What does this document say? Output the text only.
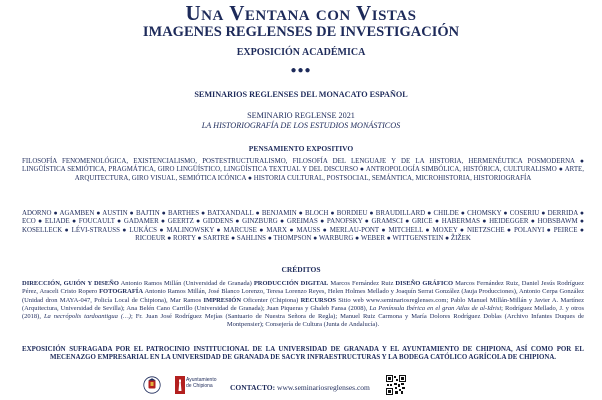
Una Ventana con Vistas
IMAGENES REGLENSES DE INVESTIGACIÓN
EXPOSICIÓN ACADÉMICA
●●●
SEMINARIOS REGLENSES DEL MONACATO ESPAÑOL
SEMINARIO REGLENSE 2021
LA HISTORIOGRAFÍA DE LOS ESTUDIOS MONÁSTICOS
PENSAMIENTO EXPOSITIVO
FILOSOFÍA FENOMENOLÓGICA, EXISTENCIALISMO, POSTESTRUCTURALISMO, FILOSOFÍA DEL LENGUAJE Y DE LA HISTORIA, HERMENÉUTICA POSMODERNA ● LINGÜÍSTICA SEMIÓTICA, PRAGMÁTICA, GIRO LINGÜÍSTICO, LINGÜÍSTICA TEXTUAL Y DEL DISCURSO ● ANTROPOLOGÍA SIMBÓLICA, HISTÓRICA, CULTURALISMO ● ARTE, ARQUITECTURA, GIRO VISUAL, SEMIÓTICA ICÓNICA ● HISTORIA CULTURAL, POSTSOCIAL, SEMÁNTICA, MICROHISTORIA, HISTORIOGRAFÍA
ADORNO ● AGAMBEN ● AUSTIN ● BAJTIN ● BARTHES ● BATXANDALL ● BENJAMIN ● BLOCH ● BORDIEU ● BRAUDILLARD ● CHILDE ● CHOMSKY ● COSERIU ● DERRIDA ● ECO ● ELIADE ● FOUCAULT ● GADAMER ● GEERTZ ● GIDDENS ● GINZBURG ● GREIMAS ● PANOFSKY ● GRAMSCI ● GRICE ● HABERMAS ● HEIDEGGER ● HOBSBAWM ● KOSELLECK ● LÉVI-STRAUSS ● LUKÁCS ● MALINOWSKY ● MARCUSE ● MARX ● MAUSS ● MERLAU-PONT ● MITCHELL ● MOXEY ● NIETZSCHE ● POLANYI ● PEIRCE ● RICOEUR ● RORTY ● SARTRE ● SAHLINS ● THOMPSON ● WARBURG ● WEBER ● WITTGENSTEIN ● ŽIŽEK
CRÉDITOS
DIRECCIÓN, GUIÓN Y DISEÑO Antonio Ramos Millán (Universidad de Granada) PRODUCCIÓN DIGITAL Marcos Fernández Ruiz DISEÑO GRÁFICO Marcos Fernández Ruiz, Daniel Jesús Rodríguez Pérez, Araceli Cristo Ropero FOTOGRAFÍA Antonio Ramos Millán, José Blanco Lorenzo, Teresa Lorenzo Reyes, Helen Holmes Mellado y Joaquín Serrat González (Jauja Producciones), Antonio Cerpa González (Unidad dron MAYA-047, Policía Local de Chipiona), Mar Ramos IMPRESIÓN Oficenter (Chipiona) RECURSOS Sitio web www.seminariosreglenses.com; Pablo Manuel Millán-Millán y Javier A. Martínez (Arquitectura, Universidad de Sevilla); Ana Belén Cano Carrillo (Universidad de Granada); Juan Piqueras y Ghaleb Fansa (2008), La Península Ibérica en el gran Atlas de al-Idrisi; Rodríguez Mellado, J. y otros (2018), La necrópolis tardoantigua (…); Fr. Juan José Rodríguez Mejías (Santuario de Nuestra Señora de Regla); Manuel Ruiz Carmona y María Dolores Rodríguez Doblas (Archivo Infantes Duques de Montpensier); Consejería de Cultura (Junta de Andalucía).
EXPOSICIÓN SUFRAGADA POR EL PATROCINIO INSTITUCIONAL DE LA UNIVERSIDAD DE GRANADA Y EL AYUNTAMIENTO DE CHIPIONA, ASÍ COMO POR EL MECENAZGO EMPRESARIAL EN LA UNIVERSIDAD DE GRANADA DE SACYR INFRAESTRUCTURAS Y LA BODEGA CATÓLICO AGRÍCOLA DE CHIPIONA.
Ayuntamiento
de Chipiona	CONTACTO: www.seminariosreglenses.com
